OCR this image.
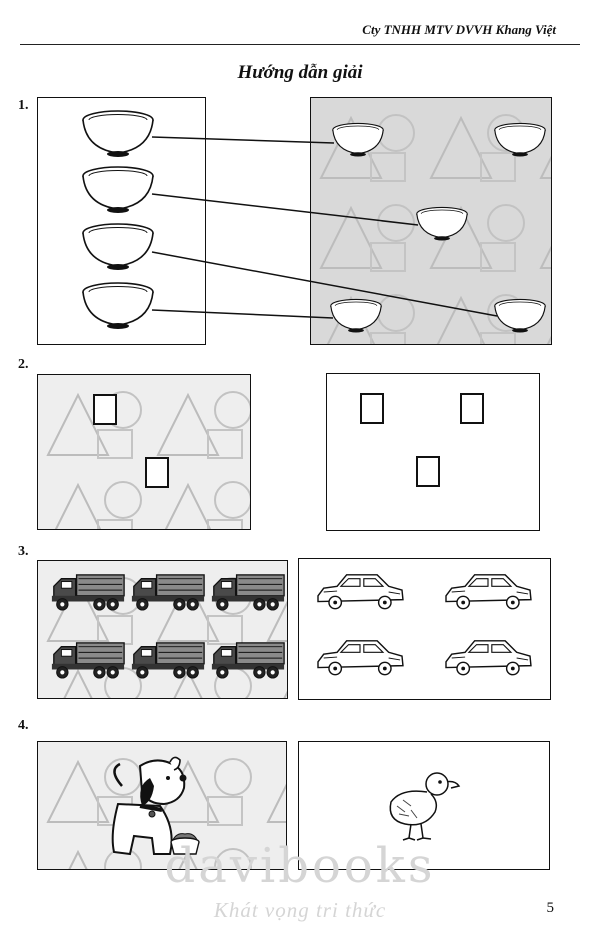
Cty TNHH MTV DVVH Khang Việt
Hướng dẫn giải
1.
2.
3.
4.
davibooks
Khát vọng tri thức	5
